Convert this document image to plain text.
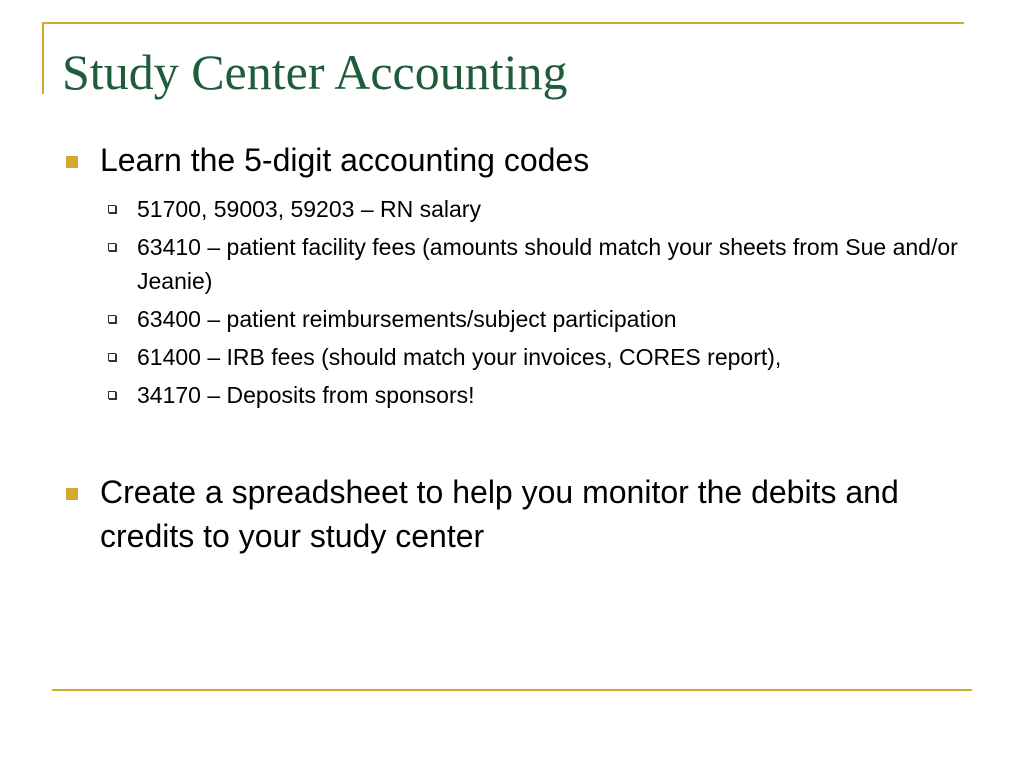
Study Center Accounting
Learn the 5-digit accounting codes
51700, 59003, 59203 – RN salary
63410 – patient facility fees (amounts should match your sheets from Sue and/or Jeanie)
63400 – patient reimbursements/subject participation
61400 – IRB fees (should match your invoices, CORES report),
34170 – Deposits from sponsors!
Create a spreadsheet to help you monitor the debits and credits to your study center
